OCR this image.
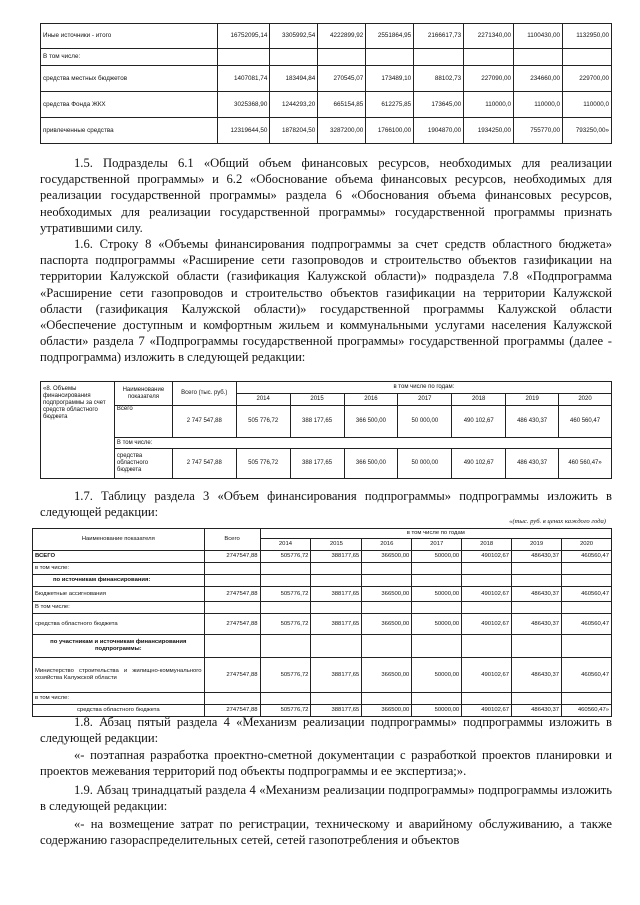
Иные источники - итого	16752095,14	3305992,54	4222899,92	2551864,95	2166617,73	2271340,00	1100430,00	1132950,00
В том числе:								
средства местных бюджетов	1407081,74	183494,84	270545,07	173489,10	88102,73	227090,00	234660,00	229700,00
средства Фонда ЖКХ	3025368,90	1244293,20	665154,85	612275,85	173645,00	110000,0	110000,0	110000,0
привлеченные средства	12319644,50	1878204,50	3287200,00	1766100,00	1904870,00	1934250,00	755770,00	793250,00»

1.5. Подразделы 6.1 «Общий объем финансовых ресурсов, необходимых для реализации государственной программы» и 6.2 «Обоснование объема финансовых ресурсов, необходимых для реализации государственной программы» раздела 6 «Обоснования объема финансовых ресурсов, необходимых для реализации государственной программы» государственной программы признать утратившими силу.

1.6. Строку 8 «Объемы финансирования подпрограммы за счет средств областного бюджета» паспорта подпрограммы «Расширение сети газопроводов и строительство объектов газификации на территории Калужской области (газификация Калужской области)» подраздела 7.8 «Подпрограмма «Расширение сети газопроводов и строительство объектов газификации на территории Калужской области (газификация Калужской области)» государственной программы Калужской области «Обеспечение доступным и комфортным жильем и коммунальными услугами населения Калужской области» раздела 7 «Подпрограммы государственной программы» государственной программы (далее - подпрограмма) изложить в следующей редакции:

«8. Объемы финансирования подпрограммы за счет средств областного бюджета	Наименование показателя	Всего (тыс. руб.)	в том числе по годам:						
			2014	2015	2016	2017	2018	2019	2020
	Всего	2 747 547,88	505 776,72	388 177,65	366 500,00	50 000,00	490 102,67	486 430,37	460 560,47
	В том числе:								
	средства областного бюджета	2 747 547,88	505 776,72	388 177,65	366 500,00	50 000,00	490 102,67	486 430,37	460 560,47»

1.7. Таблицу раздела 3 «Объем финансирования подпрограммы» подпрограммы изложить в следующей редакции:

«(тыс. руб. в ценах каждого года)
Наименование показателя	Всего	в том числе по годам						
		2014	2015	2016	2017	2018	2019	2020
ВСЕГО	2747547,88	505776,72	388177,65	366500,00	50000,00	490102,67	486430,37	460560,47
в том числе:								
по источникам финансирования:								
Бюджетные ассигнования	2747547,88	505776,72	388177,65	366500,00	50000,00	490102,67	486430,37	460560,47
В том числе:								
средства областного бюджета	2747547,88	505776,72	388177,65	366500,00	50000,00	490102,67	486430,37	460560,47
по участникам и источникам финансирования подпрограммы:								
Министерство строительства и жилищно-коммунального хозяйства Калужской области	2747547,88	505776,72	388177,65	366500,00	50000,00	490102,67	486430,37	460560,47
в том числе:								
средства областного бюджета	2747547,88	505776,72	388177,65	366500,00	50000,00	490102,67	486430,37	460560,47»

1.8. Абзац пятый раздела 4 «Механизм реализации подпрограммы» подпрограммы изложить в следующей редакции:

«- поэтапная разработка проектно-сметной документации с разработкой проектов планировки и проектов межевания территорий под объекты подпрограммы и ее экспертиза;».

1.9. Абзац тринадцатый раздела 4 «Механизм реализации подпрограммы» подпрограммы изложить в следующей редакции:

«- на возмещение затрат по регистрации, техническому и аварийному обслуживанию, а также содержанию газораспределительных сетей, сетей газопотребления и объектов
